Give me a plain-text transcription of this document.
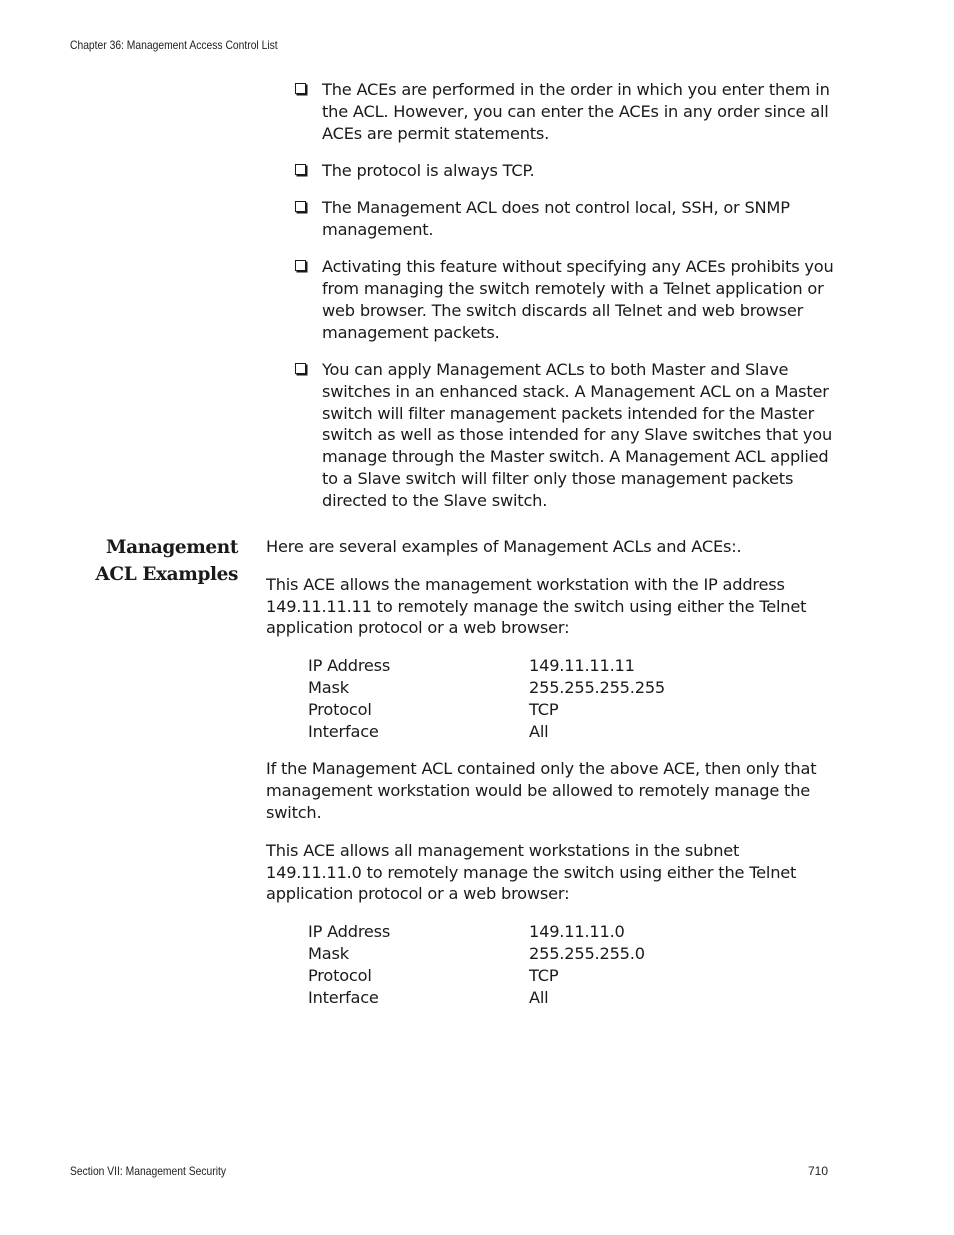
Chapter 36: Management Access Control List
The ACEs are performed in the order in which you enter them in the ACL. However, you can enter the ACEs in any order since all ACEs are permit statements.
The protocol is always TCP.
The Management ACL does not control local, SSH, or SNMP management.
Activating this feature without specifying any ACEs prohibits you from managing the switch remotely with a Telnet application or web browser. The switch discards all Telnet and web browser management packets.
You can apply Management ACLs to both Master and Slave switches in an enhanced stack. A Management ACL on a Master switch will filter management packets intended for the Master switch as well as those intended for any Slave switches that you manage through the Master switch. A Management ACL applied to a Slave switch will filter only those management packets directed to the Slave switch.
Management
ACL Examples

Here are several examples of Management ACLs and ACEs:.

This ACE allows the management workstation with the IP address 149.11.11.11 to remotely manage the switch using either the Telnet application protocol or a web browser:

IP Address	149.11.11.11
Mask	255.255.255.255
Protocol	TCP
Interface	All

If the Management ACL contained only the above ACE, then only that management workstation would be allowed to remotely manage the switch.

This ACE allows all management workstations in the subnet 149.11.11.0 to remotely manage the switch using either the Telnet application protocol or a web browser:

IP Address	149.11.11.0
Mask	255.255.255.0
Protocol	TCP
Interface	All
Section VII: Management Security	710
